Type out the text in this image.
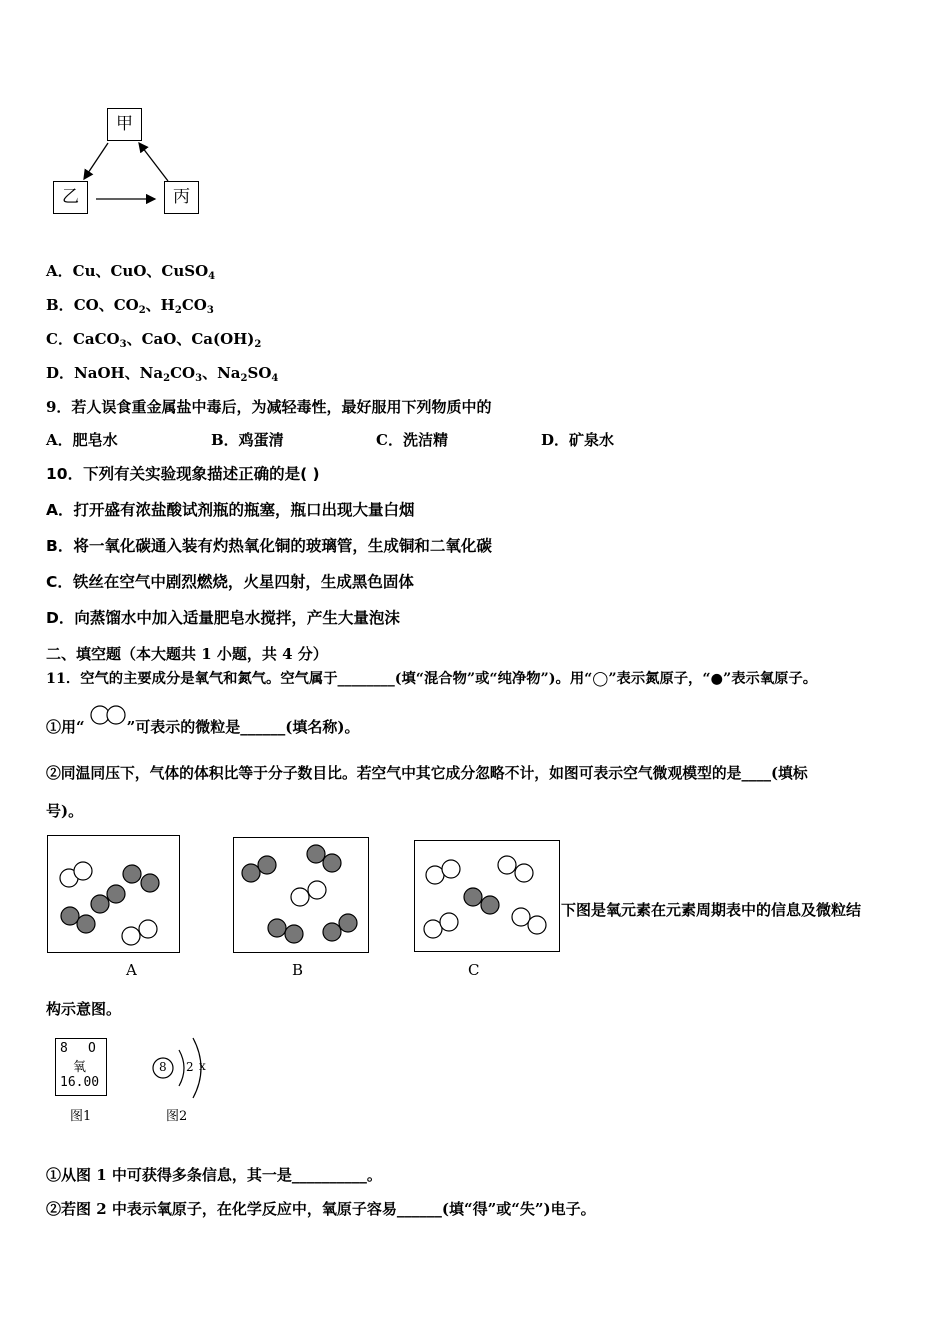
甲
乙	丙
A．Cu、CuO、CuSO$_4$
B．CO、$CO_2$、$H_2CO_3$
C．CaCO$_3$、CaO、$Ca(OH)_2$
D．NaOH、$Na_2CO_3$、$Na_2SO_4$
9．若人误食重金属盐中毒后，为减轻毒性，最好服用下列物质中的
A．肥皂水	B．鸡蛋清	C．洗洁精	D．矿泉水
10．下列有关实验现象描述正确的是( )
A．打开盛有浓盐酸试剂瓶的瓶塞，瓶口出现大量白烟
B．将一氧化碳通入装有灼热氧化铜的玻璃管，生成铜和二氧化碳
C．铁丝在空气中剧烈燃烧，火星四射，生成黑色固体
D．向蒸馏水中加入适量肥皂水搅拌，产生大量泡沫
二、填空题（本大题共 1 小题，共 4 分）
11．空气的主要成分是氧气和氮气。空气属于________(填“混合物”或“纯净物”)。用“◯”表示氮原子，“●”表示氧原子。
①用“	”可表示的微粒是______(填名称)。
②同温同压下，气体的体积比等于分子数目比。若空气中其它成分忽略不计，如图可表示空气微观模型的是____(填标
号)。
A	B	C
下图是氧元素在元素周期表中的信息及微粒结
构示意图。
8 O
氧
16.00
图1
8 2 x
图2
①从图 1 中可获得多条信息，其一是__________。
②若图 2 中表示氧原子，在化学反应中，氧原子容易______(填“得”或“失”)电子。
